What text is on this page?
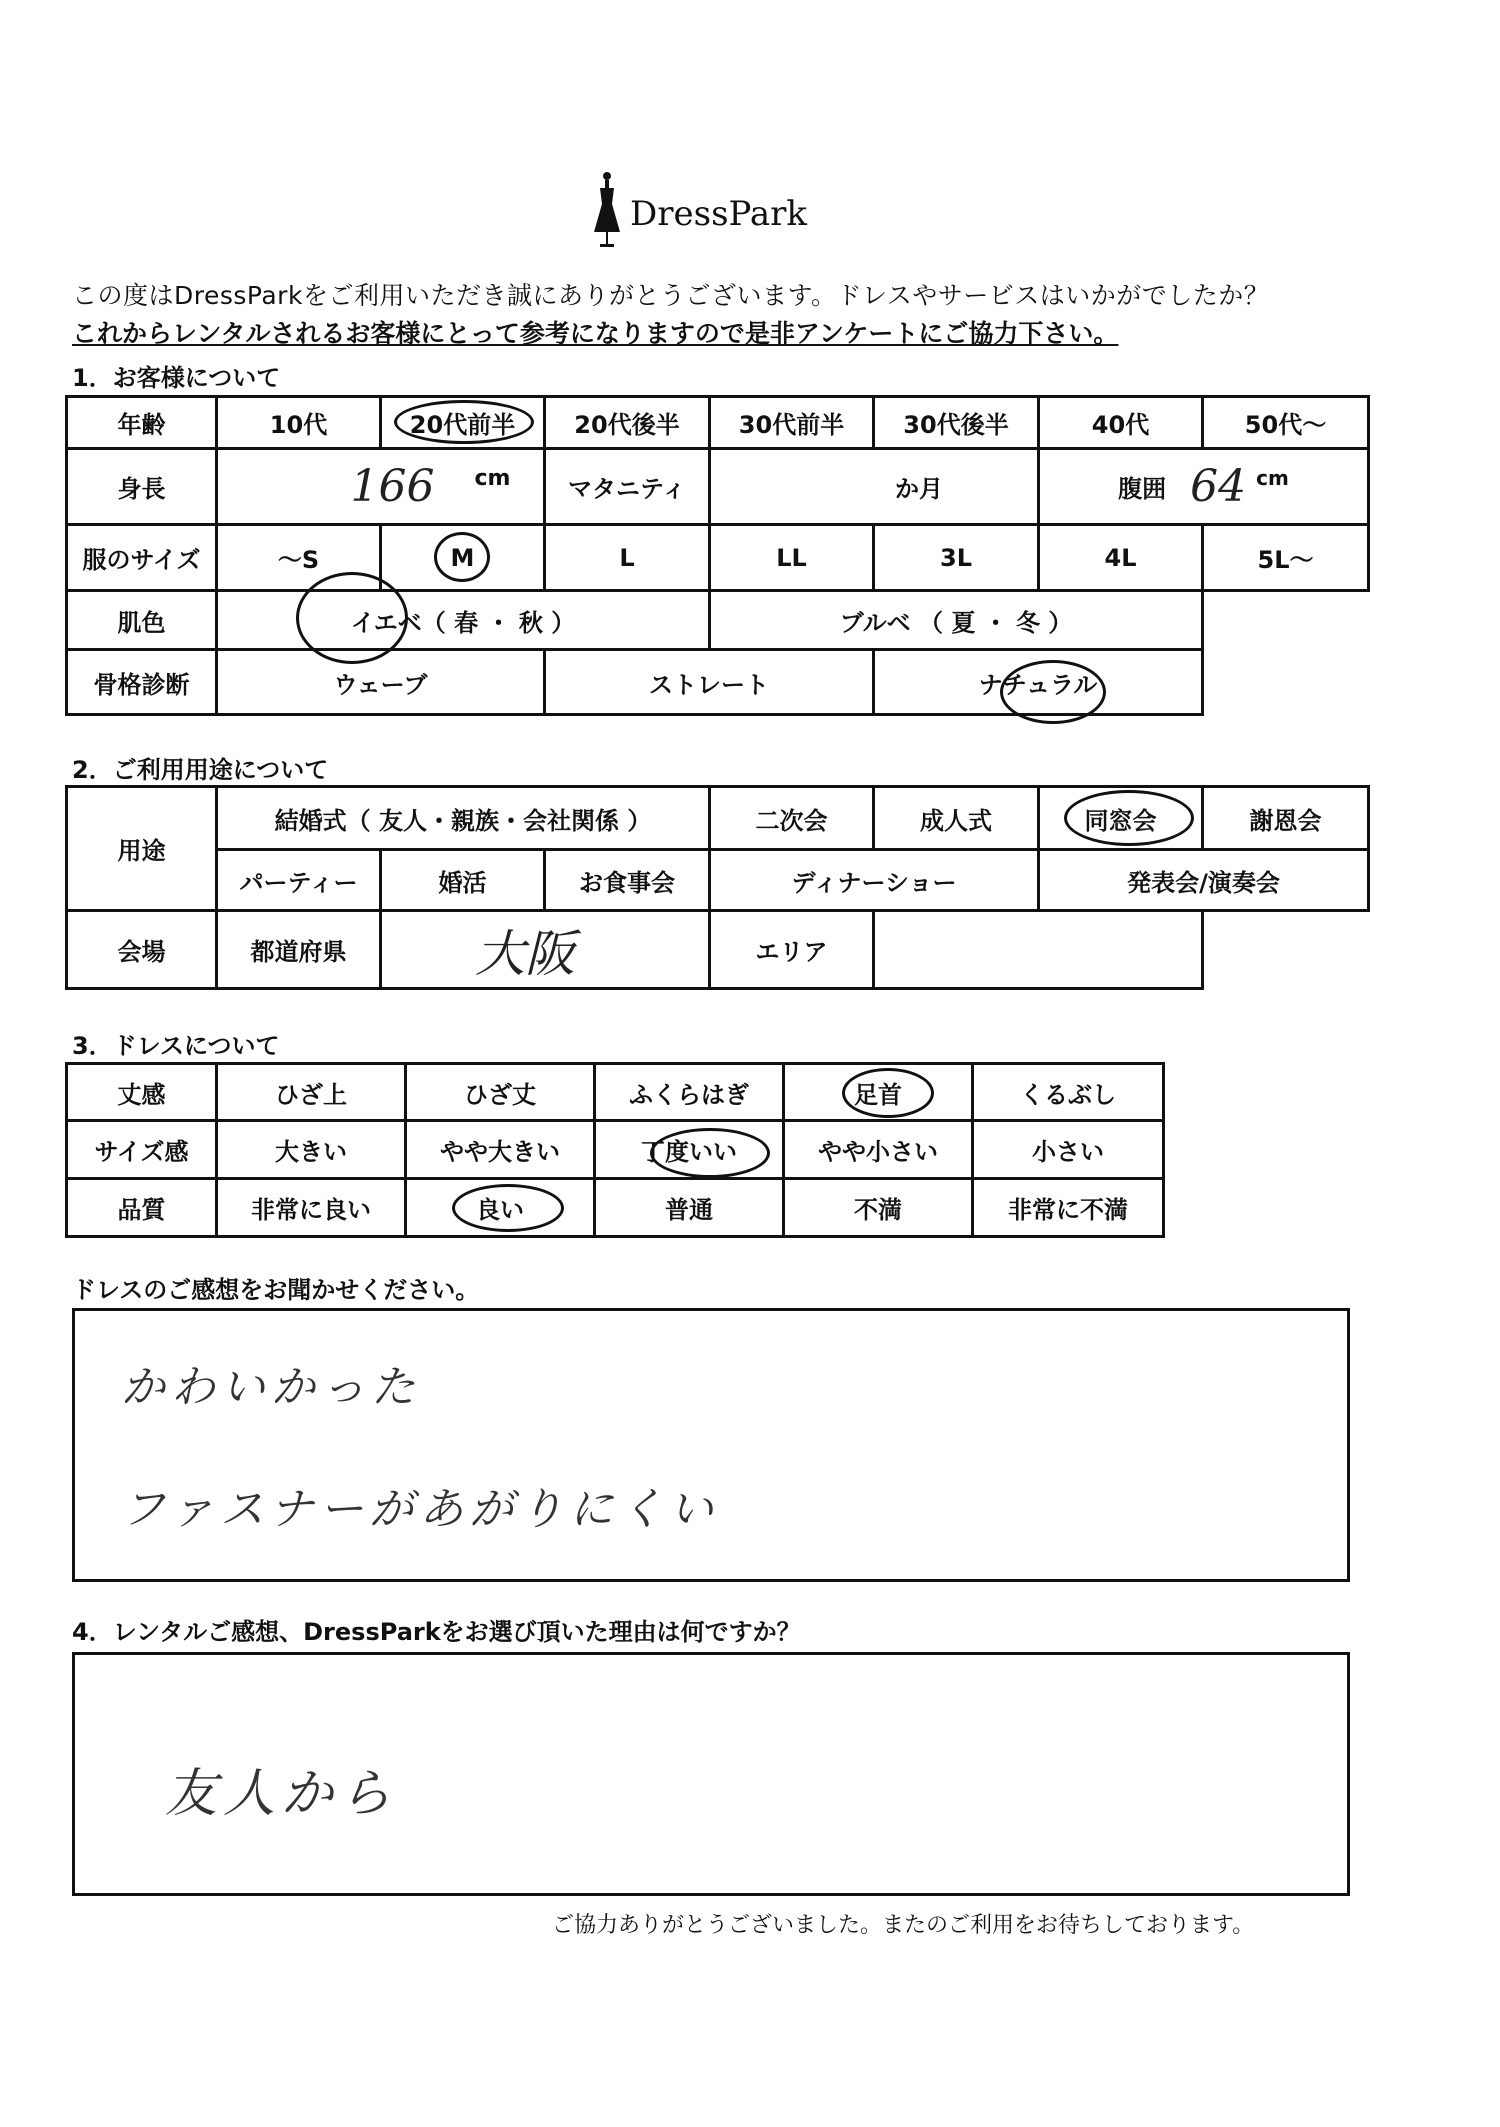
DressPark
この度はDressParkをご利用いただき誠にありがとうございます。ドレスやサービスはいかがでしたか？
これからレンタルされるお客様にとって参考になりますので是非アンケートにご協力下さい。
1．お客様について
年齢	10代	20代前半	20代後半	30代前半	30代後半	40代	50代〜
身長	166 cm	マタニティ	か月	腹囲 64 cm
服のサイズ	〜S	M	L	LL	3L	4L	5L〜
肌色	イエベ（ 春 ・ 秋 ）	ブルベ （ 夏 ・ 冬 ）
骨格診断	ウェーブ	ストレート	ナチュラル
2．ご利用用途について
用途
結婚式（ 友人・親族・会社関係 ）	二次会	成人式	同窓会	謝恩会
パーティー	婚活	お食事会	ディナーショー	発表会/演奏会
会場	都道府県	大阪	エリア
3．ドレスについて
丈感	ひざ上	ひざ丈	ふくらはぎ	足首	くるぶし
サイズ感	大きい	やや大きい	丁度いい	やや小さい	小さい
品質	非常に良い	良い	普通	不満	非常に不満
ドレスのご感想をお聞かせください。
かわいかった
ファスナーがあがりにくい
4．レンタルご感想、DressParkをお選び頂いた理由は何ですか？
友人から
ご協力ありがとうございました。またのご利用をお待ちしております。
